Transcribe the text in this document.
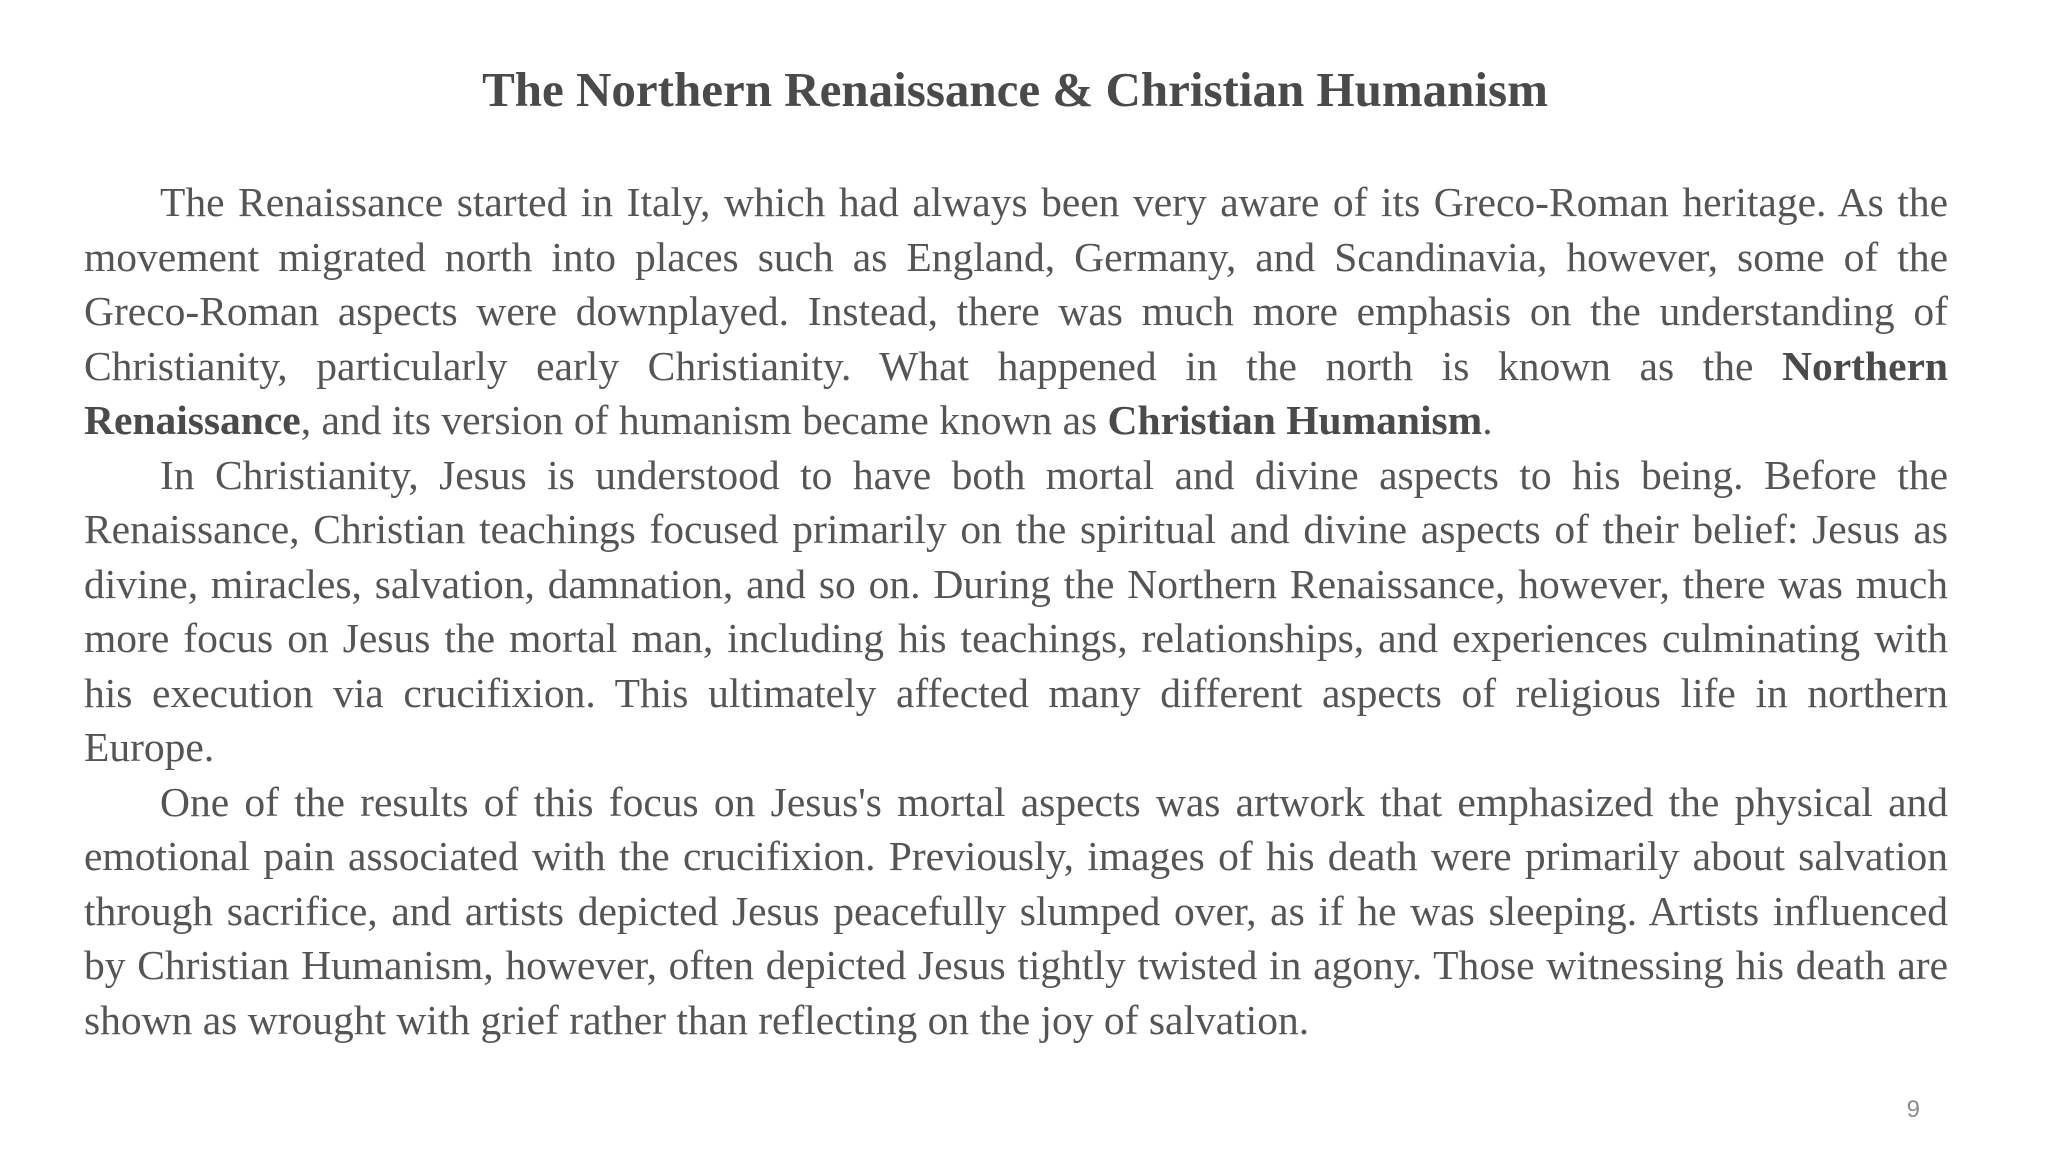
The Northern Renaissance & Christian Humanism

The Renaissance started in Italy, which had always been very aware of its Greco-Roman heritage. As the movement migrated north into places such as England, Germany, and Scandinavia, however, some of the Greco-Roman aspects were downplayed. Instead, there was much more emphasis on the understanding of Christianity, particularly early Christianity. What happened in the north is known as the Northern Renaissance, and its version of humanism became known as Christian Humanism.

In Christianity, Jesus is understood to have both mortal and divine aspects to his being. Before the Renaissance, Christian teachings focused primarily on the spiritual and divine aspects of their belief: Jesus as divine, miracles, salvation, damnation, and so on. During the Northern Renaissance, however, there was much more focus on Jesus the mortal man, including his teachings, relationships, and experiences culminating with his execution via crucifixion. This ultimately affected many different aspects of religious life in northern Europe.

One of the results of this focus on Jesus's mortal aspects was artwork that emphasized the physical and emotional pain associated with the crucifixion. Previously, images of his death were primarily about salvation through sacrifice, and artists depicted Jesus peacefully slumped over, as if he was sleeping. Artists influenced by Christian Humanism, however, often depicted Jesus tightly twisted in agony. Those witnessing his death are shown as wrought with grief rather than reflecting on the joy of salvation.

9
